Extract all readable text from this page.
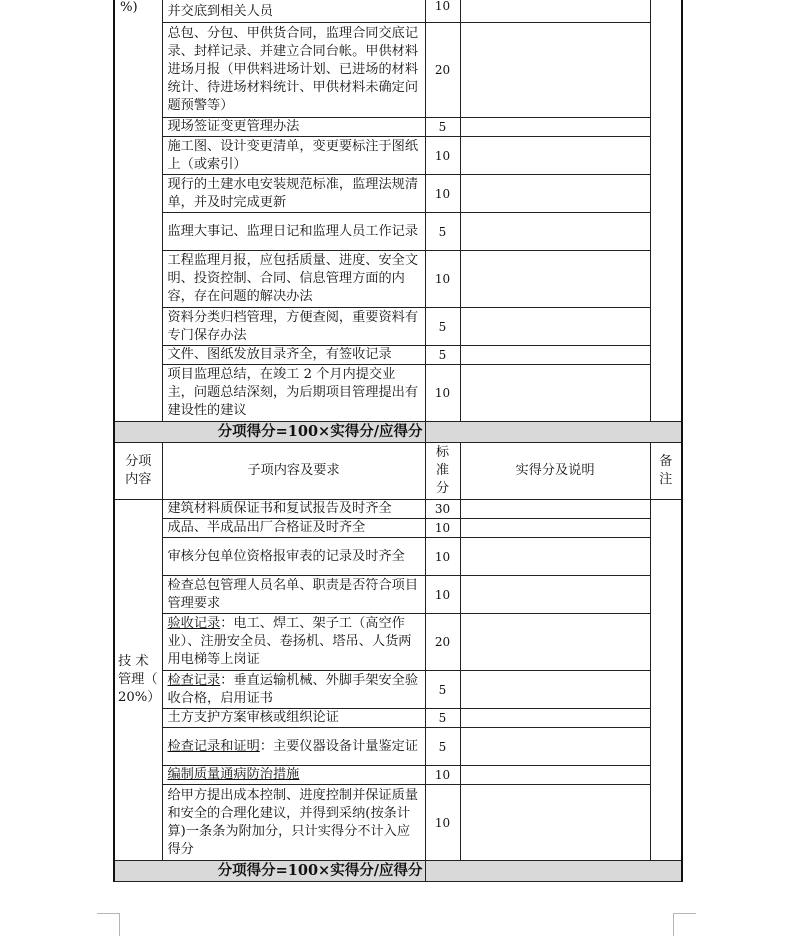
%)	并交底到相关人员	10		
	总包、分包、甲供货合同，监理合同交底记录、封样记录、并建立合同台帐。甲供材料进场月报（甲供料进场计划、已进场的材料统计、待进场材料统计、甲供材料未确定问题预警等）	20		
	现场签证变更管理办法	5		
	施工图、设计变更清单，变更要标注于图纸上（或索引）	10		
	现行的土建水电安装规范标准，监理法规清单，并及时完成更新	10		
	监理大事记、监理日记和监理人员工作记录	5		
	工程监理月报，应包括质量、进度、安全文明、投资控制、合同、信息管理方面的内容，存在问题的解决办法	10		
	资料分类归档管理，方便查阅，重要资料有专门保存办法	5		
	文件、图纸发放目录齐全，有签收记录	5		
	项目监理总结，在竣工 2 个月内提交业主，问题总结深刻，为后期项目管理提出有建设性的建议	10		

分项得分=100×实得分/应得分				

分项内容	子项内容及要求	标准分	实得分及说明	备注

技 术管理（ 20%）	建筑材料质保证书和复试报告及时齐全	30		
	成品、半成品出厂合格证及时齐全	10		
	审核分包单位资格报审表的记录及时齐全	10		
	检查总包管理人员名单、职责是否符合项目管理要求	10		
	验收记录：电工、焊工、架子工（高空作业）、注册安全员、卷扬机、塔吊、人货两用电梯等上岗证	20		
	检查记录：垂直运输机械、外脚手架安全验收合格，启用证书	5		
	土方支护方案审核或组织论证	5		
	检查记录和证明：主要仪器设备计量鉴定证	5		
	编制质量通病防治措施	10		
	给甲方提出成本控制、进度控制并保证质量和安全的合理化建议，并得到采纳(按条计算)一条条为附加分，只计实得分不计入应得分	10		

分项得分=100×实得分/应得分				
